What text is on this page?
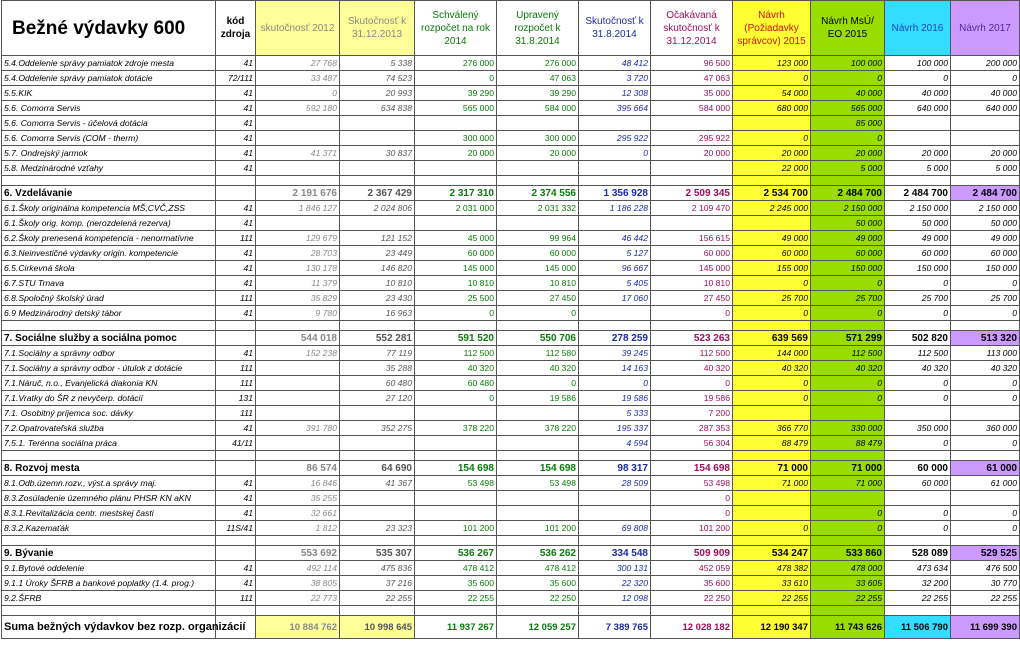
Bežné výdavky 600	kód zdroja	skutočnosť 2012	Skutočnosť k 31.12.2013	Schválený rozpočet na rok 2014	Upravený rozpočet k 31.8.2014	Skutočnosť k 31.8.2014	Očakávaná skutočnosť k 31.12.2014	Návrh (Požiadavky správcov) 2015	Návrh MsÚ/ EO 2015	Návrh 2016	Návrh 2017
5.4.Oddelenie správy pamiatok zdroje mesta	41	27 768	5 338	276 000	276 000	48 412	96 500	123 000	100 000	100 000	200 000
5.4.Oddelenie správy pamiatok dotácie	72/111	33 487	74 523	0	47 063	3 720	47 063	0	0	0	0
5.5.KIK	41	0	20 993	39 290	39 290	12 308	35 000	54 000	40 000	40 000	40 000
5.6. Comorra Servis	41	592 180	634 838	565 000	584 000	395 664	584 000	680 000	565 000	640 000	640 000
5.6. Comorra Servis - účelová dotácia	41								85 000		
5.6. Comorra Servis (COM - therm)	41			300 000	300 000	295 922	295 922	0	0		
5.7. Ondrejský jarmok	41	41 371	30 837	20 000	20 000	0	20 000	20 000	20 000	20 000	20 000
5.8. Medzinárodné vzťahy	41							22 000	5 000	5 000	5 000

6. Vzdelávanie		2 191 676	2 367 429	2 317 310	2 374 556	1 356 928	2 509 345	2 534 700	2 484 700	2 484 700	2 484 700
6.1.Školy originálna kompetencia MŠ,CVČ,ZSS	41	1 846 127	2 024 806	2 031 000	2 031 332	1 186 228	2 109 470	2 245 000	2 150 000	2 150 000	2 150 000
6.1.Školy orig. komp. (nerozdelená rezerva)	41								50 000	50 000	50 000
6.2.Školy prenesená kompetencia - nenormatívne	111	129 679	121 152	45 000	99 964	46 442	156 615	49 000	49 000	49 000	49 000
6.3.Neinvestičné výdavky origin. kompetencie	41	28 703	23 449	60 000	60 000	5 127	60 000	60 000	60 000	60 000	60 000
6.5.Cirkevná škola	41	130 178	146 820	145 000	145 000	96 667	145 000	155 000	150 000	150 000	150 000
6.7.STU Trnava	41	11 379	10 810	10 810	10 810	5 405	10 810	0	0	0	0
6.8.Spoločný školský úrad	111	35 829	23 430	25 500	27 450	17 060	27 450	25 700	25 700	25 700	25 700
6.9 Medzinárodný detský tábor	41	9 780	16 963	0	0		0	0	0	0	0

7. Sociálne služby a sociálna pomoc		544 018	552 281	591 520	550 706	278 259	523 263	639 569	571 299	502 820	513 320
7.1.Sociálny a správny odbor	41	152 238	77 119	112 500	112 580	39 245	112 500	144 000	112 500	112 500	113 000
7.1.Sociálny a správny odbor - útulok z dotácie	111		35 288	40 320	40 320	14 163	40 320	40 320	40 320	40 320	40 320
7.1.Náruč, n.o., Evanjelická diakonia KN	111		60 480	60 480	0	0	0	0	0	0	0
7.1.Vratky do ŠR z nevyčerp. dotácií	131		27 120	0	19 586	19 586	19 586	0	0	0	0
7.1. Osobitný príjemca soc. dávky	111					5 333	7 200				
7.2.Opatrovateľská služba	41	391 780	352 275	378 220	378 220	195 337	287 353	366 770	330 000	350 000	360 000
7.5.1. Terénna sociálna práca	41/11					4 594	56 304	88 479	88 479	0	0

8. Rozvoj mesta		86 574	64 690	154 698	154 698	98 317	154 698	71 000	71 000	60 000	61 000
8.1.Odb.územn.rozv., výst.a správy maj.	41	16 846	41 367	53 498	53 498	28 509	53 498	71 000	71 000	60 000	61 000
8.3.Zosúladenie územného plánu PHSR KN aKN	41	35 255					0				
8.3.1.Revitalizácia centr. mestskej časti	41	32 661					0		0	0	0
8.3.2.Kazemaťák	11S/41	1 812	23 323	101 200	101 200	69 808	101 200	0	0	0	0

9. Bývanie		553 692	535 307	536 267	536 262	334 548	509 909	534 247	533 860	528 089	529 525
9.1.Bytové oddelenie	41	492 114	475 836	478 412	478 412	300 131	452 059	478 382	478 000	473 634	476 500
9.1.1 Úroky ŠFRB a bankové poplatky (1.4. prog.)	41	38 805	37 216	35 600	35 600	22 320	35 600	33 610	33 605	32 200	30 770
9.2.ŠFRB	111	22 773	22 255	22 255	22 250	12 098	22 250	22 255	22 255	22 255	22 255

Suma bežných výdavkov bez rozp. organizácií		10 884 762	10 998 645	11 937 267	12 059 257	7 389 765	12 028 182	12 190 347	11 743 626	11 506 790	11 699 390
